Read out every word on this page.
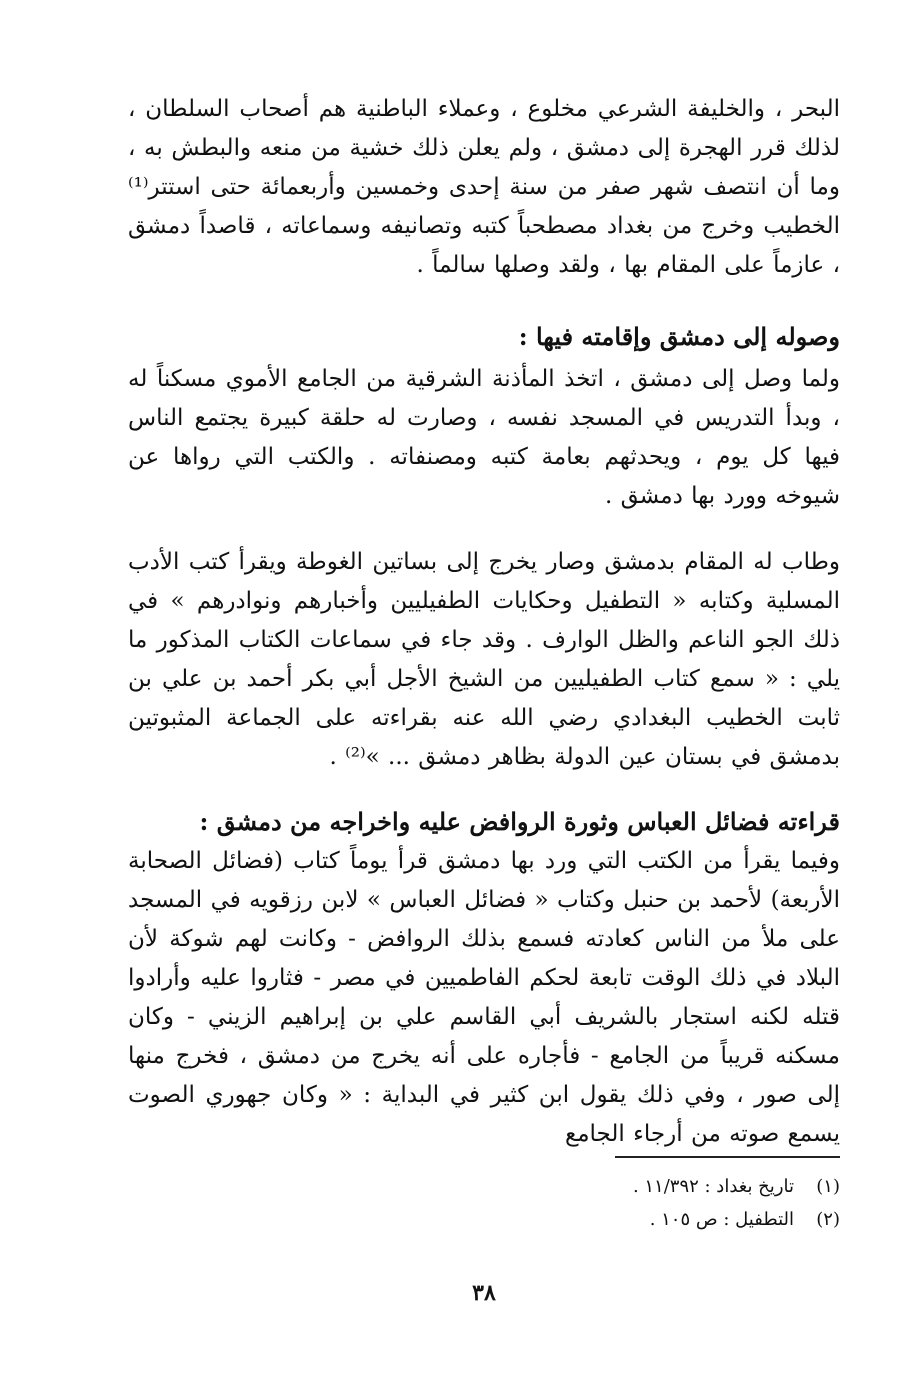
البحر ، والخليفة الشرعي مخلوع ، وعملاء الباطنية هم أصحاب السلطان ، لذلك قرر الهجرة إلى دمشق ، ولم يعلن ذلك خشية من منعه والبطش به ، وما أن انتصف شهر صفر من سنة إحدى وخمسين وأربعمائة حتى استتر⁽¹⁾ الخطيب وخرج من بغداد مصطحباً كتبه وتصانيفه وسماعاته ، قاصداً دمشق ، عازماً على المقام بها ، ولقد وصلها سالماً .

وصوله إلى دمشق وإقامته فيها :

ولما وصل إلى دمشق ، اتخذ المأذنة الشرقية من الجامع الأموي مسكناً له ، وبدأ التدريس في المسجد نفسه ، وصارت له حلقة كبيرة يجتمع الناس فيها كل يوم ، ويحدثهم بعامة كتبه ومصنفاته . والكتب التي رواها عن شيوخه وورد بها دمشق .

وطاب له المقام بدمشق وصار يخرج إلى بساتين الغوطة ويقرأ كتب الأدب المسلية وكتابه « التطفيل وحكايات الطفيليين وأخبارهم ونوادرهم » في ذلك الجو الناعم والظل الوارف . وقد جاء في سماعات الكتاب المذكور ما يلي : « سمع كتاب الطفيليين من الشيخ الأجل أبي بكر أحمد بن علي بن ثابت الخطيب البغدادي رضي الله عنه بقراءته على الجماعة المثبوتين بدمشق في بستان عين الدولة بظاهر دمشق ... »⁽²⁾ .

قراءته فضائل العباس وثورة الروافض عليه واخراجه من دمشق :

وفيما يقرأ من الكتب التي ورد بها دمشق قرأ يوماً كتاب (فضائل الصحابة الأربعة) لأحمد بن حنبل وكتاب « فضائل العباس » لابن رزقويه في المسجد على ملأ من الناس كعادته فسمع بذلك الروافض - وكانت لهم شوكة لأن البلاد في ذلك الوقت تابعة لحكم الفاطميين في مصر - فثاروا عليه وأرادوا قتله لكنه استجار بالشريف أبي القاسم علي بن إبراهيم الزيني - وكان مسكنه قريباً من الجامع - فأجاره على أنه يخرج من دمشق ، فخرج منها إلى صور ، وفي ذلك يقول ابن كثير في البداية : « وكان جهوري الصوت يسمع صوته من أرجاء الجامع

(١)
تاريخ بغداد : ١١/٣٩٢ .
(٢)
التطفيل : ص ١٠٥ .
٣٨
